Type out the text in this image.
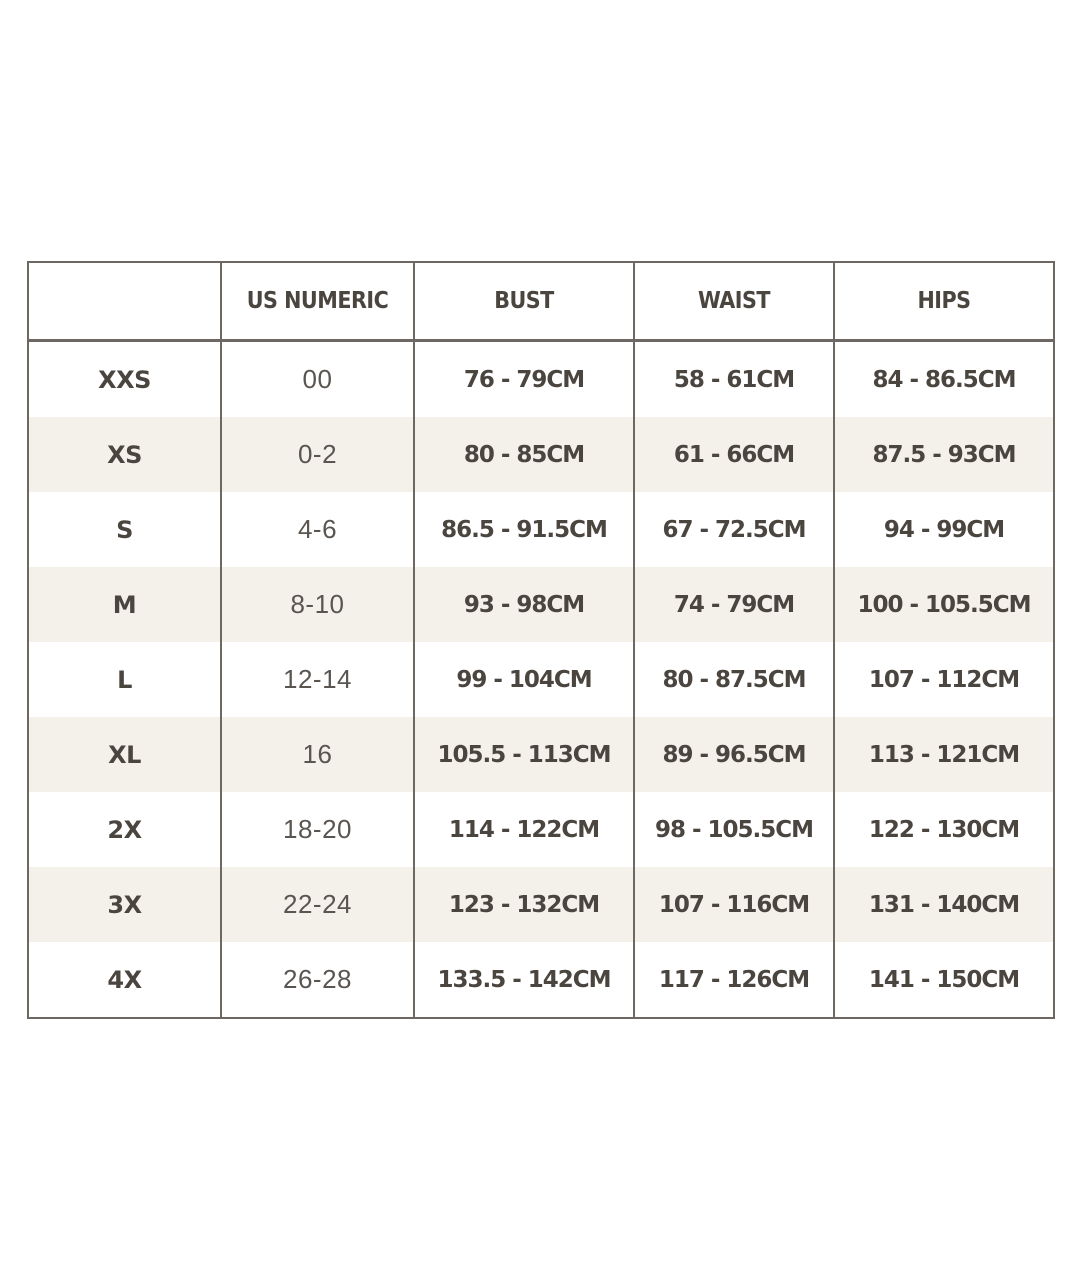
	US NUMERIC	BUST	WAIST	HIPS
XXS	00	76 - 79CM	58 - 61CM	84 - 86.5CM
XS	0-2	80 - 85CM	61 - 66CM	87.5 - 93CM
S	4-6	86.5 - 91.5CM	67 - 72.5CM	94 - 99CM
M	8-10	93 - 98CM	74 - 79CM	100 - 105.5CM
L	12-14	99 - 104CM	80 - 87.5CM	107 - 112CM
XL	16	105.5 - 113CM	89 - 96.5CM	113 - 121CM
2X	18-20	114 - 122CM	98 - 105.5CM	122 - 130CM
3X	22-24	123 - 132CM	107 - 116CM	131 - 140CM
4X	26-28	133.5 - 142CM	117 - 126CM	141 - 150CM
